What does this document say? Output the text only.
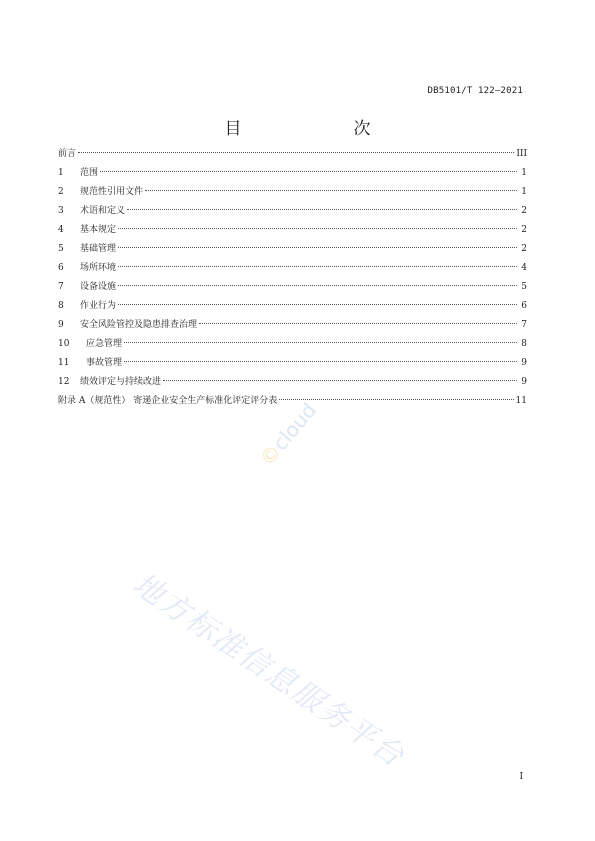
地方标准信息服务平台
©cloud
DB5101/T 122—2021
目　　次
前言	III
1	范围	1
2	规范性引用文件	1
3	术语和定义	2
4	基本规定	2
5	基础管理	2
6	场所环境	4
7	设备设施	5
8	作业行为	6
9	安全风险管控及隐患排查治理	7
10	应急管理	8
11	事故管理	9
12	绩效评定与持续改进	9
附录 A（规范性） 寄递企业安全生产标准化评定评分表	11
I
